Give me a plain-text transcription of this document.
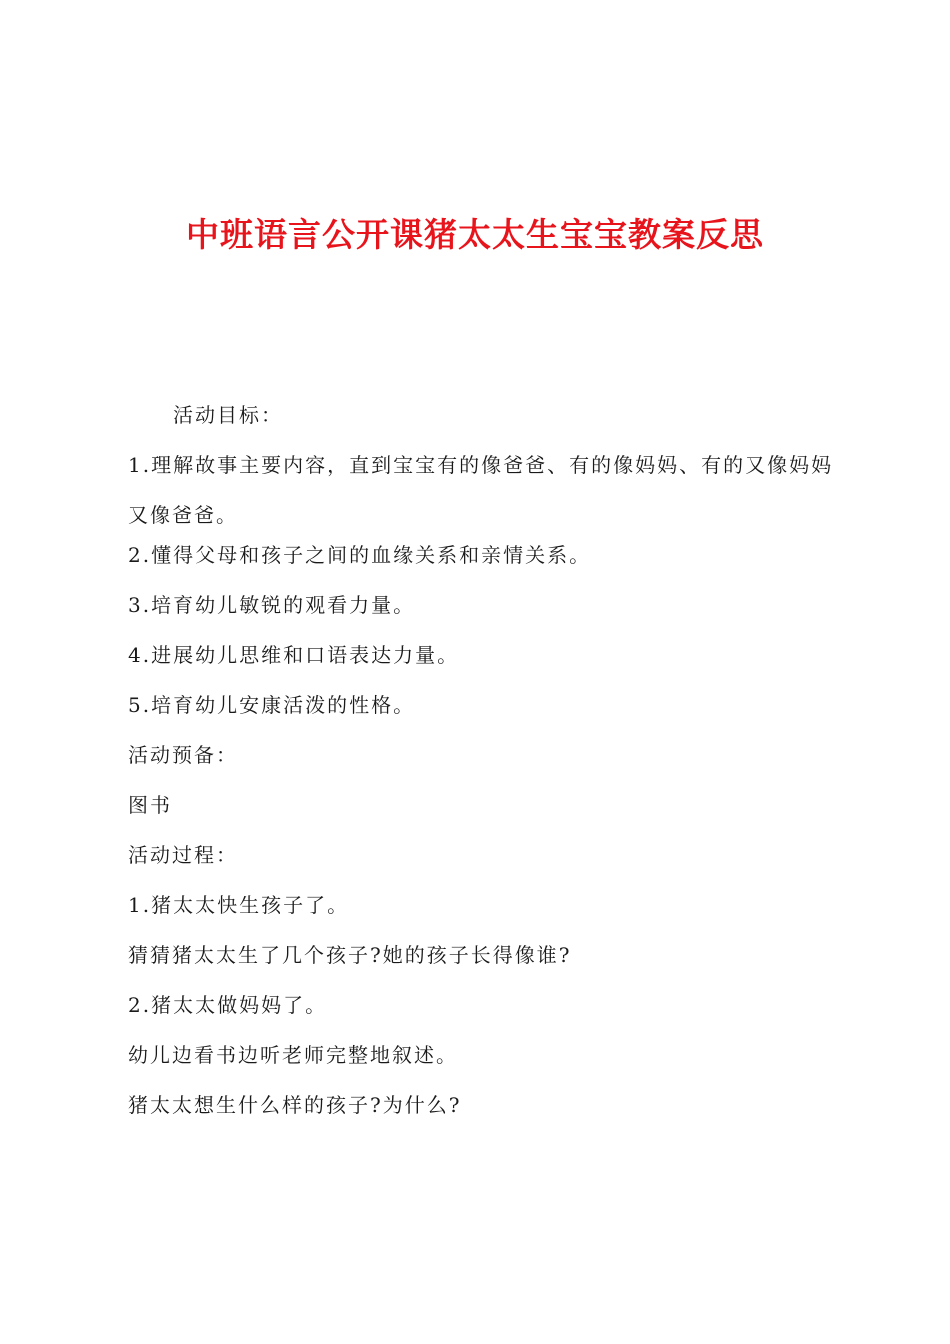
中班语言公开课猪太太生宝宝教案反思

活动目标：

1.理解故事主要内容，直到宝宝有的像爸爸、有的像妈妈、有的又像妈妈又像爸爸。

2.懂得父母和孩子之间的血缘关系和亲情关系。

3.培育幼儿敏锐的观看力量。

4.进展幼儿思维和口语表达力量。

5.培育幼儿安康活泼的性格。

活动预备：

图书

活动过程：

1.猪太太快生孩子了。

猜猜猪太太生了几个孩子?她的孩子长得像谁?

2.猪太太做妈妈了。

幼儿边看书边听老师完整地叙述。

猪太太想生什么样的孩子?为什么?
